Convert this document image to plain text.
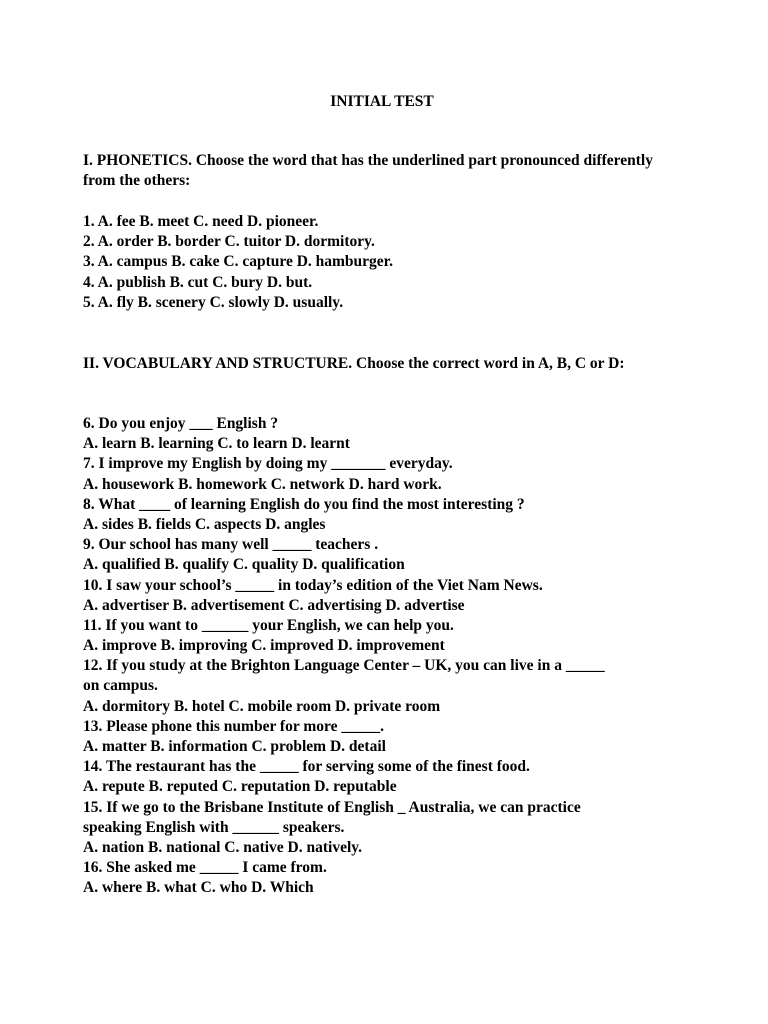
INITIAL TEST
I. PHONETICS. Choose the word that has the underlined part pronounced differently from the others:
1. A. fee B. meet C. need D. pioneer.
2. A. order B. border C. tuitor D. dormitory.
3. A. campus B. cake C. capture D. hamburger.
4. A. publish B. cut C. bury D. but.
5. A. fly B. scenery C. slowly D. usually.
II. VOCABULARY AND STRUCTURE. Choose the correct word in A, B, C or D:
6. Do you enjoy ___ English ?
A. learn B. learning C. to learn D. learnt
7. I improve my English by doing my _______ everyday.
A. housework B. homework C. network D. hard work.
8. What ____ of learning English do you find the most interesting ?
A. sides B. fields C. aspects D. angles
9. Our school has many well _____ teachers .
A. qualified B. qualify C. quality D. qualification
10. I saw your school’s _____ in today’s edition of the Viet Nam News.
A. advertiser B. advertisement C. advertising D. advertise
11. If you want to ______ your English, we can help you.
A. improve B. improving C. improved D. improvement
12. If you study at the Brighton Language Center – UK, you can live in a _____
on campus.
A. dormitory B. hotel C. mobile room D. private room
13. Please phone this number for more _____.
A. matter B. information C. problem D. detail
14. The restaurant has the _____ for serving some of the finest food.
A. repute B. reputed C. reputation D. reputable
15. If we go to the Brisbane Institute of English _ Australia, we can practice
speaking English with ______ speakers.
A. nation B. national C. native D. natively.
16. She asked me _____ I came from.
A. where B. what C. who D. Which
